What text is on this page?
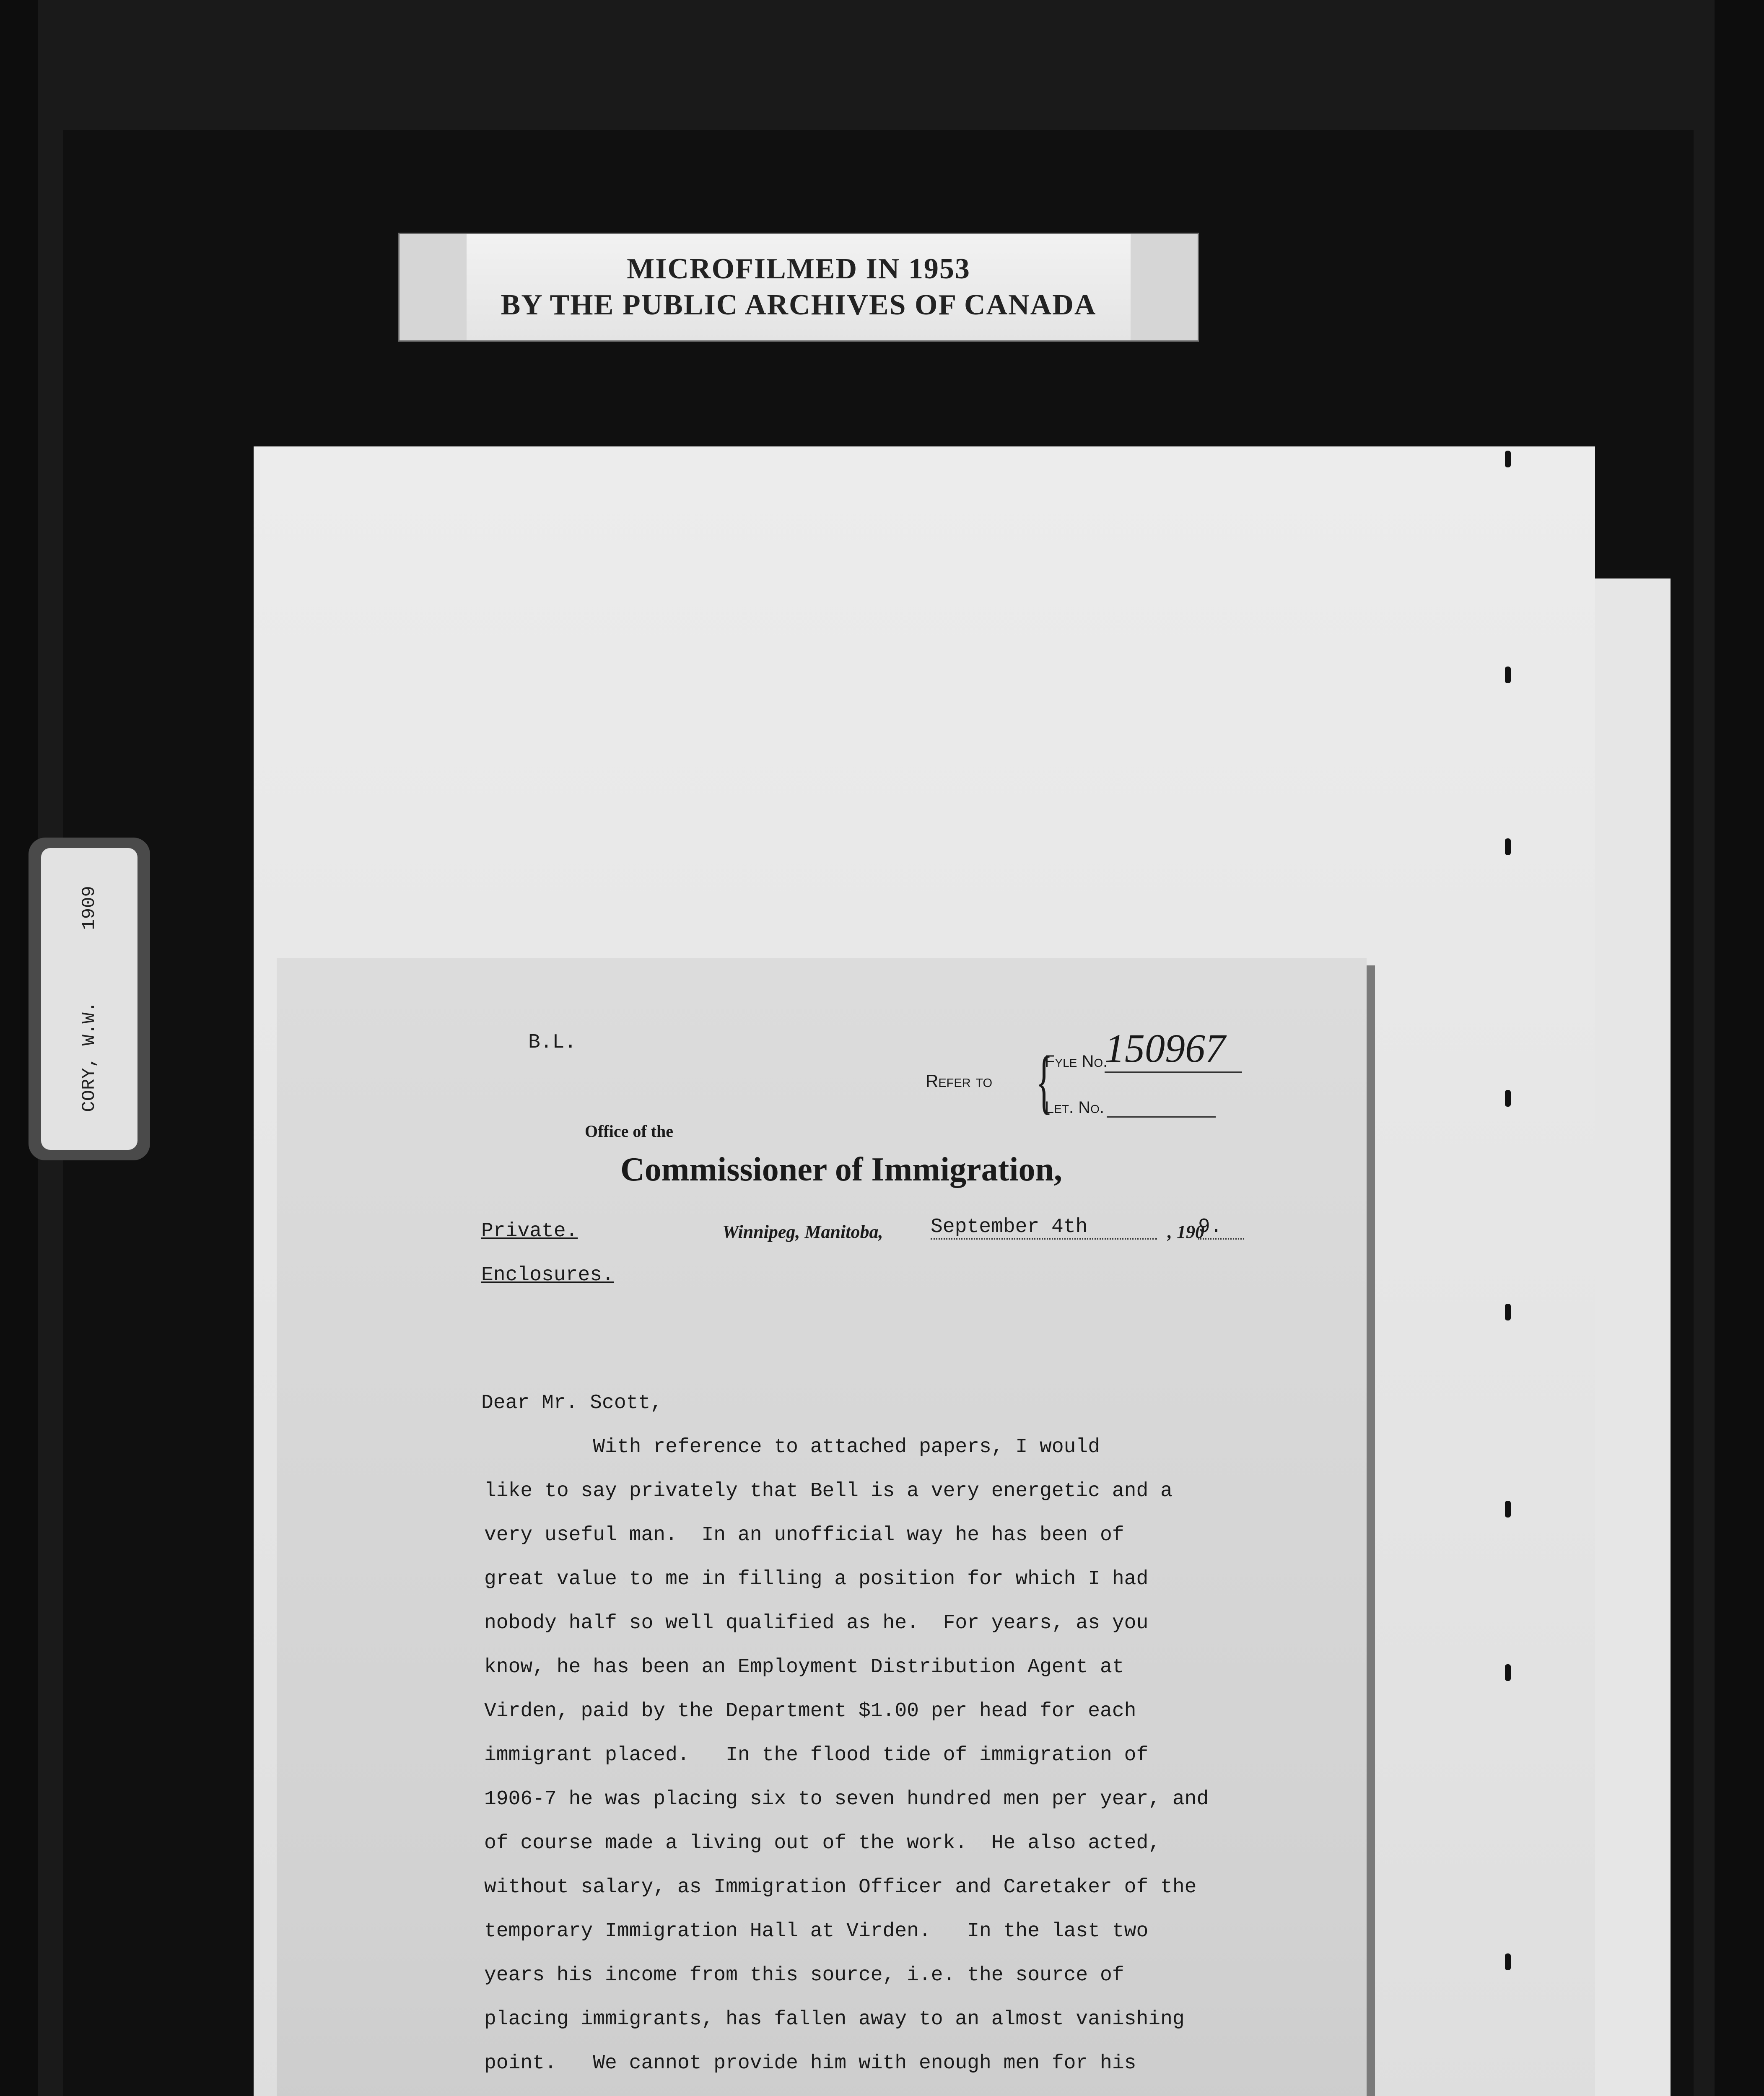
MICROFILMED IN 1953
BY THE PUBLIC ARCHIVES OF CANADA
CORY, W.W.
1909
B.L.
Refer to {
Fyle No.
150967
Let. No.
Office of the
Commissioner of Immigration,
Private.
Enclosures.
Winnipeg, Manitoba, September 4th	, 190
9.
Dear Mr. Scott,
With reference to attached papers, I would
like to say privately that Bell is a very energetic and a
very useful man.  In an unofficial way he has been of
great value to me in filling a position for which I had
nobody half so well qualified as he.  For years, as you
know, he has been an Employment Distribution Agent at
Virden, paid by the Department $1.00 per head for each
immigrant placed.   In the flood tide of immigration of
1906-7 he was placing six to seven hundred men per year, and
of course made a living out of the work.  He also acted,
without salary, as Immigration Officer and Caretaker of the
temporary Immigration Hall at Virden.   In the last two
years his income from this source, i.e. the source of
placing immigrants, has fallen away to an almost vanishing
point.   We cannot provide him with enough men for his
